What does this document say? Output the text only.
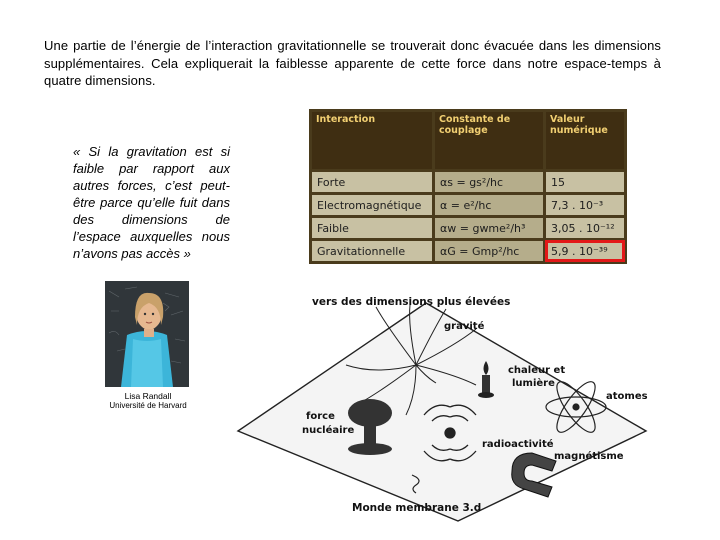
Une partie de l’énergie de l’interaction gravitationnelle se trouverait donc évacuée dans les dimensions supplémentaires. Cela expliquerait la faiblesse apparente de cette force dans notre espace-temps à quatre dimensions.
« Si la gravitation est si faible par rapport aux autres forces, c’est peut-être parce qu’elle fuit dans des dimensions de l’espace auxquelles nous n’avons pas accès »
Lisa Randall
Université de Harvard
Interaction	Constante de couplage	Valeur numérique
Forte	αs = gs²/hc	15
Electromagnétique	α = e²/hc	7,3 . 10⁻³
Faible	αw = gwme²/h³	3,05 . 10⁻¹²
Gravitationnelle	αG = Gmp²/hc	5,9 . 10⁻³⁹
vers des dimensions plus élevées
gravité
chaleur et
lumière
atomes
force
nucléaire
radioactivité
magnétisme
Monde membrane 3.d
